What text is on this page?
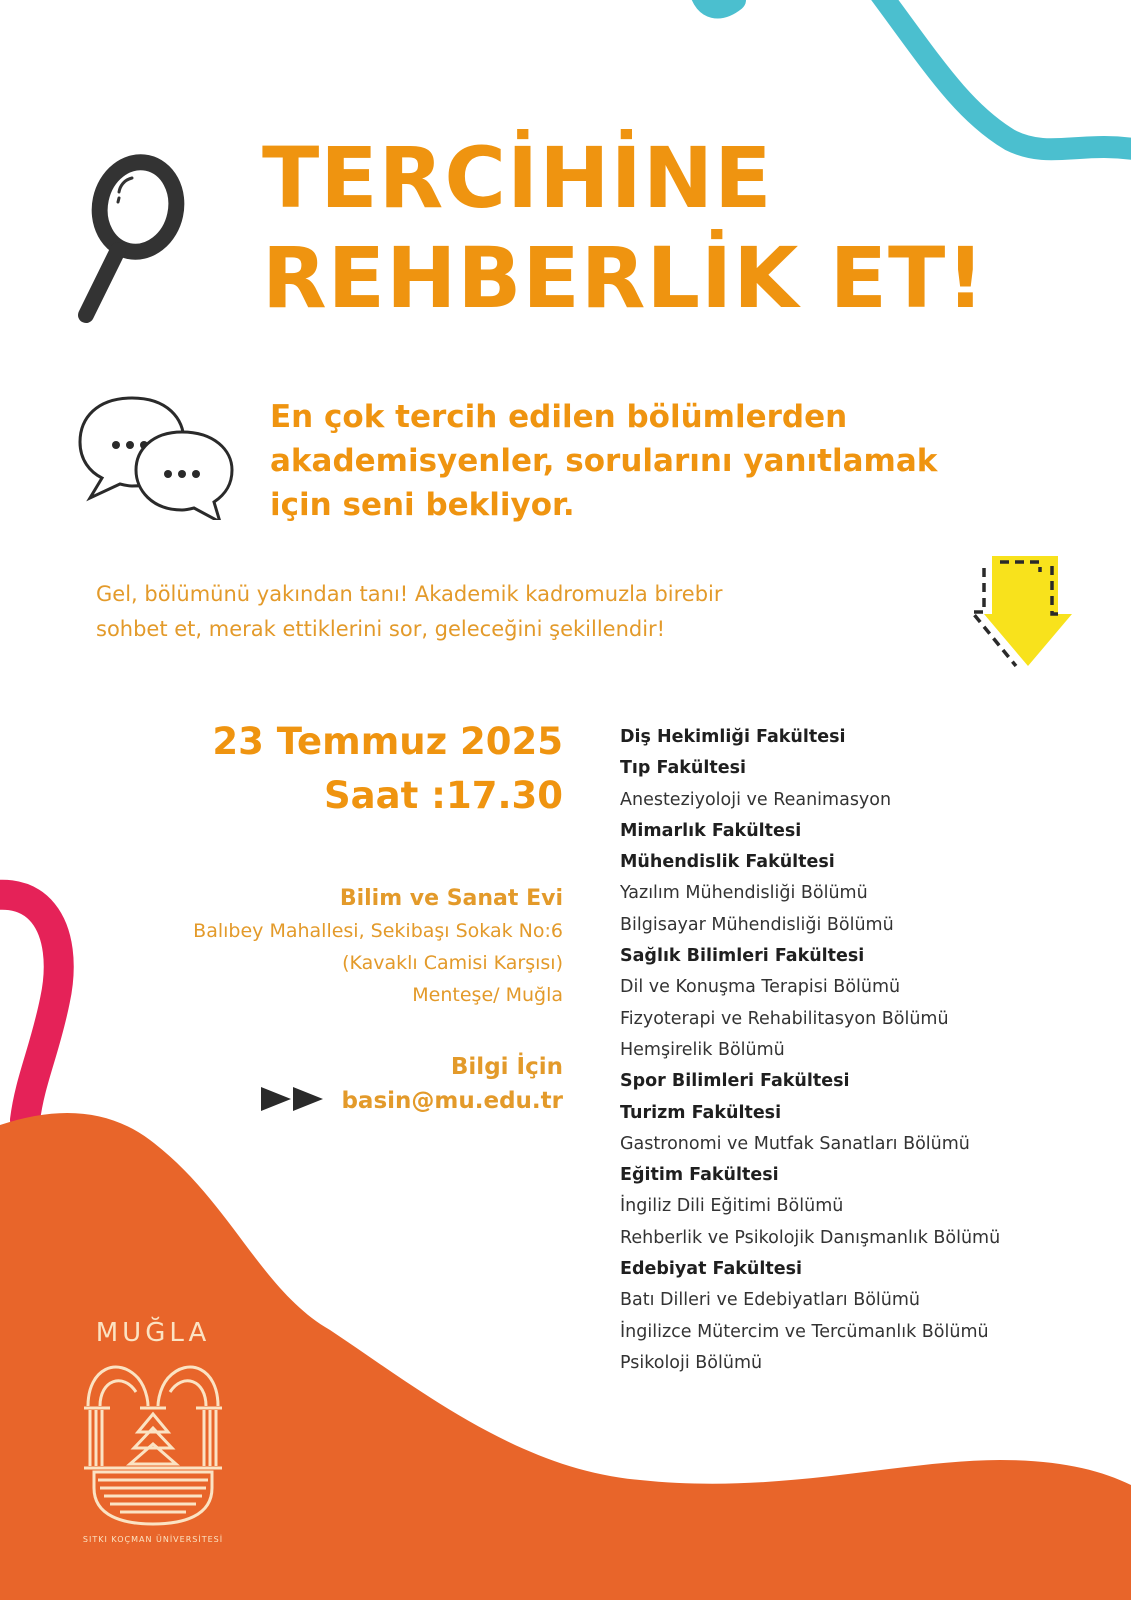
TERCİHİNE
REHBERLİK ET!
En çok tercih edilen bölümlerden
akademisyenler, sorularını yanıtlamak
için seni bekliyor.
Gel, bölümünü yakından tanı! Akademik kadromuzla birebir
sohbet et, merak ettiklerini sor, geleceğini şekillendir!
23 Temmuz 2025
Saat :17.30
Bilim ve Sanat Evi
Balıbey Mahallesi, Sekibaşı Sokak No:6
(Kavaklı Camisi Karşısı)
Menteşe/ Muğla
Bilgi İçin
basin@mu.edu.tr
Diş Hekimliği Fakültesi
Tıp Fakültesi
Anesteziyoloji ve Reanimasyon
Mimarlık Fakültesi
Mühendislik Fakültesi
Yazılım Mühendisliği Bölümü
Bilgisayar Mühendisliği Bölümü
Sağlık Bilimleri Fakültesi
Dil ve Konuşma Terapisi Bölümü
Fizyoterapi ve Rehabilitasyon Bölümü
Hemşirelik Bölümü
Spor Bilimleri Fakültesi
Turizm Fakültesi
Gastronomi ve Mutfak Sanatları Bölümü
Eğitim Fakültesi
İngiliz Dili Eğitimi Bölümü
Rehberlik ve Psikolojik Danışmanlık Bölümü
Edebiyat Fakültesi
Batı Dilleri ve Edebiyatları Bölümü
İngilizce Mütercim ve Tercümanlık Bölümü
Psikoloji Bölümü
MUĞLA
SITKI KOÇMAN ÜNİVERSİTESİ
